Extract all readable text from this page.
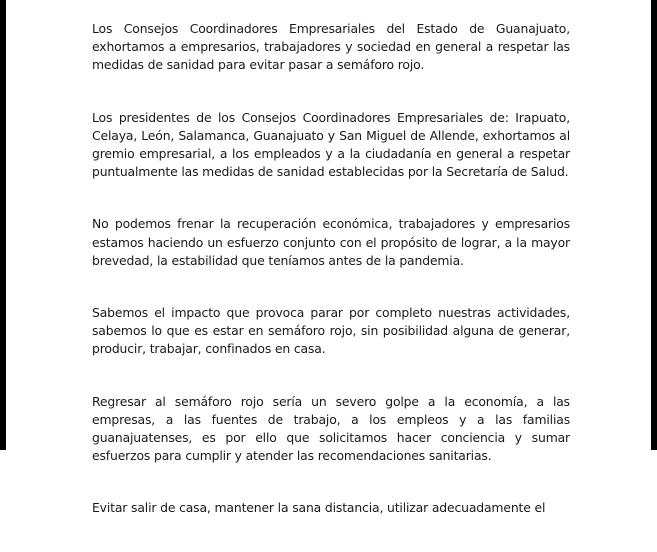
Los Consejos Coordinadores Empresariales del Estado de Guanajuato, exhortamos a empresarios, trabajadores y sociedad en general a respetar las medidas de sanidad para evitar pasar a semáforo rojo.

Los presidentes de los Consejos Coordinadores Empresariales de: Irapuato, Celaya, León, Salamanca, Guanajuato y San Miguel de Allende, exhortamos al gremio empresarial, a los empleados y a la ciudadanía en general a respetar puntualmente las medidas de sanidad establecidas por la Secretaría de Salud.

No podemos frenar la recuperación económica, trabajadores y empresarios estamos haciendo un esfuerzo conjunto con el propósito de lograr, a la mayor brevedad, la estabilidad que teníamos antes de la pandemia.

Sabemos el impacto que provoca parar por completo nuestras actividades, sabemos lo que es estar en semáforo rojo, sin posibilidad alguna de generar, producir, trabajar, confinados en casa.

Regresar al semáforo rojo sería un severo golpe a la economía, a las empresas, a las fuentes de trabajo, a los empleos y a las familias guanajuatenses, es por ello que solicitamos hacer conciencia y sumar esfuerzos para cumplir y atender las recomendaciones sanitarias.

Evitar salir de casa, mantener la sana distancia, utilizar adecuadamente el
